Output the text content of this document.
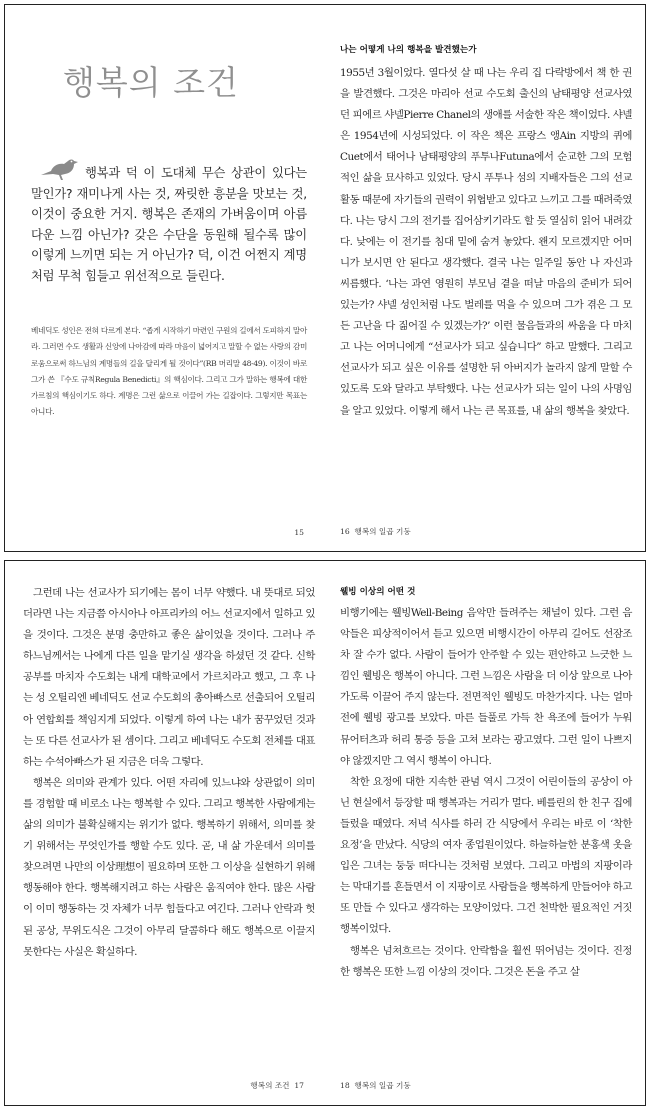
행복의 조건
행복과 덕 이 도대체 무슨 상관이 있다는 말인가? 재미나게 사는 것, 짜릿한 흥분을 맛보는 것, 이것이 중요한 거지. 행복은 존재의 가벼움이며 아름다운 느낌 아닌가? 갖은 수단을 동원해 될수록 많이 이렇게 느끼면 되는 거 아닌가? 덕, 이건 어쩐지 계명처럼 무척 힘들고 위선적으로 들린다.
베네딕도 성인은 전혀 다르게 본다. “좁게 시작하기 마련인 구원의 길에서 도피하지 말아라. 그러면 수도 생활과 신앙에 나아감에 따라 마음이 넓어지고 말할 수 없는 사랑의 감미로움으로써 하느님의 계명들의 길을 달리게 될 것이다”(RB 머리말 48-49). 이것이 바로 그가 쓴 『수도 규칙Regula Benedicti』의 핵심이다. 그리고 그가 말하는 행복에 대한 가르침의 핵심이기도 하다. 계명은 그런 삶으로 이끌어 가는 길잡이다. 그렇지만 목표는 아니다.
15
나는 어떻게 나의 행복을 발견했는가

1955년 3월이었다. 열다섯 살 때 나는 우리 집 다락방에서 책 한 권을 발견했다. 그것은 마리아 선교 수도회 출신의 남태평양 선교사였던 피에르 샤넬Pierre Chanel의 생애를 서술한 작은 책이었다. 샤넬은 1954년에 시성되었다. 이 작은 책은 프랑스 앵Ain 지방의 퀴에Cuet에서 태어나 남태평양의 푸투나Futuna에서 순교한 그의 모험적인 삶을 묘사하고 있었다. 당시 푸투나 섬의 지배자들은 그의 선교 활동 때문에 자기들의 권력이 위협받고 있다고 느끼고 그를 때려죽였다. 나는 당시 그의 전기를 집어삼키기라도 할 듯 열심히 읽어 내려갔다. 낮에는 이 전기를 침대 밑에 숨겨 놓았다. 왠지 모르겠지만 어머니가 보시면 안 된다고 생각했다. 결국 나는 일주일 동안 나 자신과 씨름했다. ‘나는 과연 영원히 부모님 곁을 떠날 마음의 준비가 되어 있는가? 샤넬 성인처럼 나도 벌레를 먹을 수 있으며 그가 겪은 그 모든 고난을 다 짊어질 수 있겠는가?’ 이런 물음들과의 싸움을 다 마치고 나는 어머니에게 “선교사가 되고 싶습니다” 하고 말했다. 그리고 선교사가 되고 싶은 이유를 설명한 뒤 아버지가 놀라지 않게 말할 수 있도록 도와 달라고 부탁했다. 나는 선교사가 되는 일이 나의 사명임을 알고 있었다. 이렇게 해서 나는 큰 목표를, 내 삶의 행복을 찾았다.

16 행복의 일곱 기둥

그런데 나는 선교사가 되기에는 몸이 너무 약했다. 내 뜻대로 되었더라면 나는 지금쯤 아시아나 아프리카의 어느 선교지에서 일하고 있을 것이다. 그것은 분명 충만하고 좋은 삶이었을 것이다. 그러나 주 하느님께서는 나에게 다른 일을 맡기실 생각을 하셨던 것 같다. 신학 공부를 마치자 수도회는 내게 대학교에서 가르치라고 했고, 그 후 나는 성 오틸리엔 베네딕도 선교 수도회의 총아빠스로 선출되어 오틸리아 연합회를 책임지게 되었다. 이렇게 하여 나는 내가 꿈꾸었던 것과는 또 다른 선교사가 된 셈이다. 그리고 베네딕도 수도회 전체를 대표하는 수석아빠스가 된 지금은 더욱 그렇다.

행복은 의미와 관계가 있다. 어떤 자리에 있느냐와 상관없이 의미를 경험할 때 비로소 나는 행복할 수 있다. 그리고 행복한 사람에게는 삶의 의미가 불확실해지는 위기가 없다. 행복하기 위해서, 의미를 찾기 위해서는 무엇인가를 행할 수도 있다. 곧, 내 삶 가운데서 의미를 찾으려면 나만의 이상理想이 필요하며 또한 그 이상을 실현하기 위해 행동해야 한다. 행복해지려고 하는 사람은 움직여야 한다. 많은 사람이 이미 행동하는 것 자체가 너무 힘들다고 여긴다. 그러나 안락과 헛된 공상, 무위도식은 그것이 아무리 달콤하다 해도 행복으로 이끌지 못한다는 사실은 확실하다.

행복의 조건 17
웰빙 이상의 어떤 것

비행기에는 웰빙Well-Being 음악만 들려주는 채널이 있다. 그런 음악들은 피상적이어서 듣고 있으면 비행시간이 아무리 길어도 선잠조차 잘 수가 없다. 사람이 들어가 안주할 수 있는 편안하고 느긋한 느낌인 웰빙은 행복이 아니다. 그런 느낌은 사람을 더 이상 앞으로 나아가도록 이끌어 주지 않는다. 전면적인 웰빙도 마찬가지다. 나는 얼마 전에 웰빙 광고를 보았다. 마른 들풀로 가득 찬 욕조에 들어가 누워 뮤어터츠과 허리 통증 등을 고쳐 보라는 광고였다. 그런 일이 나쁘지야 않겠지만 그 역시 행복이 아니다.

착한 요정에 대한 지속한 관념 역시 그것이 어린이들의 공상이 아닌 현실에서 등장할 때 행복과는 거리가 멀다. 베를린의 한 친구 집에 들렀을 때였다. 저녁 식사를 하러 간 식당에서 우리는 바로 이 ‘착한 요정’을 만났다. 식당의 여자 종업원이었다. 하늘하늘한 분홍색 옷을 입은 그녀는 둥둥 떠다니는 것처럼 보였다. 그리고 마법의 지팡이라는 막대기를 흔들면서 이 지팡이로 사람들을 행복하게 만들어야 하고 또 만들 수 있다고 생각하는 모양이었다. 그건 천박한 필요적인 거짓 행복이었다.

행복은 넘쳐흐르는 것이다. 안락함을 훨씬 뛰어넘는 것이다. 진정한 행복은 또한 느낌 이상의 것이다. 그것은 돈을 주고 살

18 행복의 일곱 기둥
